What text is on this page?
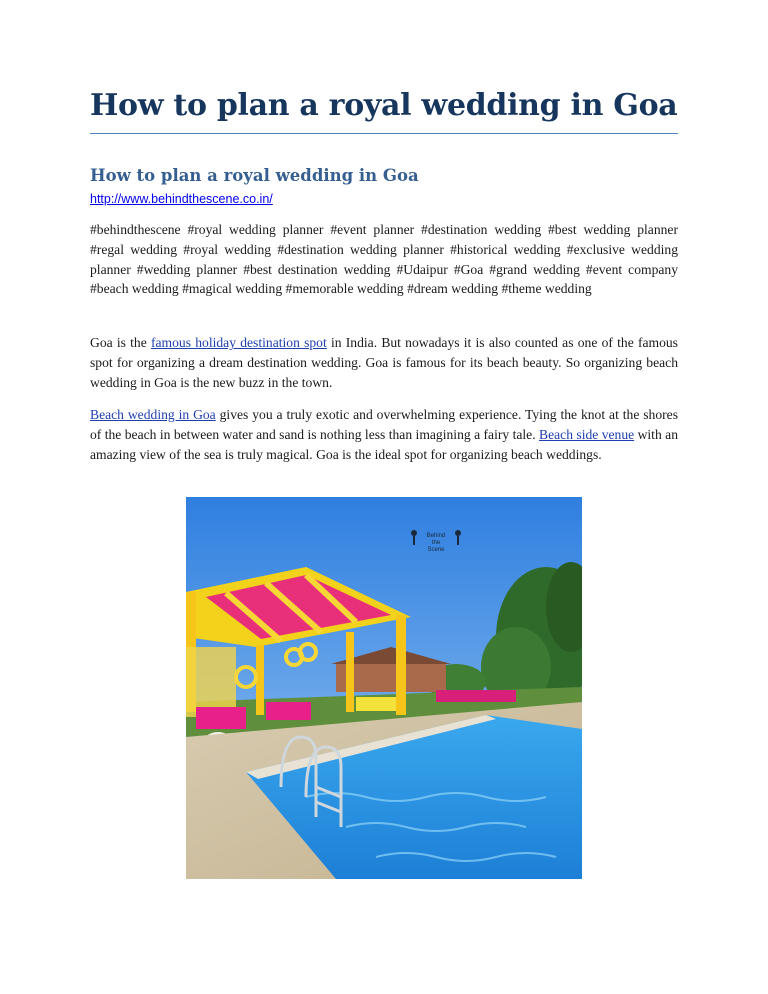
How to plan a royal wedding in Goa
How to plan a royal wedding in Goa
http://www.behindthescene.co.in/

#behindthescene #royal wedding planner #event planner #destination wedding #best wedding planner #regal wedding #royal wedding #destination wedding planner #historical wedding #exclusive wedding planner #wedding planner #best destination wedding #Udaipur #Goa #grand wedding #event company #beach wedding #magical wedding #memorable wedding #dream wedding #theme wedding

Goa is the famous holiday destination spot in India. But nowadays it is also counted as one of the famous spot for organizing a dream destination wedding. Goa is famous for its beach beauty. So organizing beach wedding in Goa is the new buzz in the town.

Beach wedding in Goa gives you a truly exotic and overwhelming experience. Tying the knot at the shores of the beach in between water and sand is nothing less than imagining a fairy tale. Beach side venue with an amazing view of the sea is truly magical. Goa is the ideal spot for organizing beach weddings.

Behind
the
Scene
